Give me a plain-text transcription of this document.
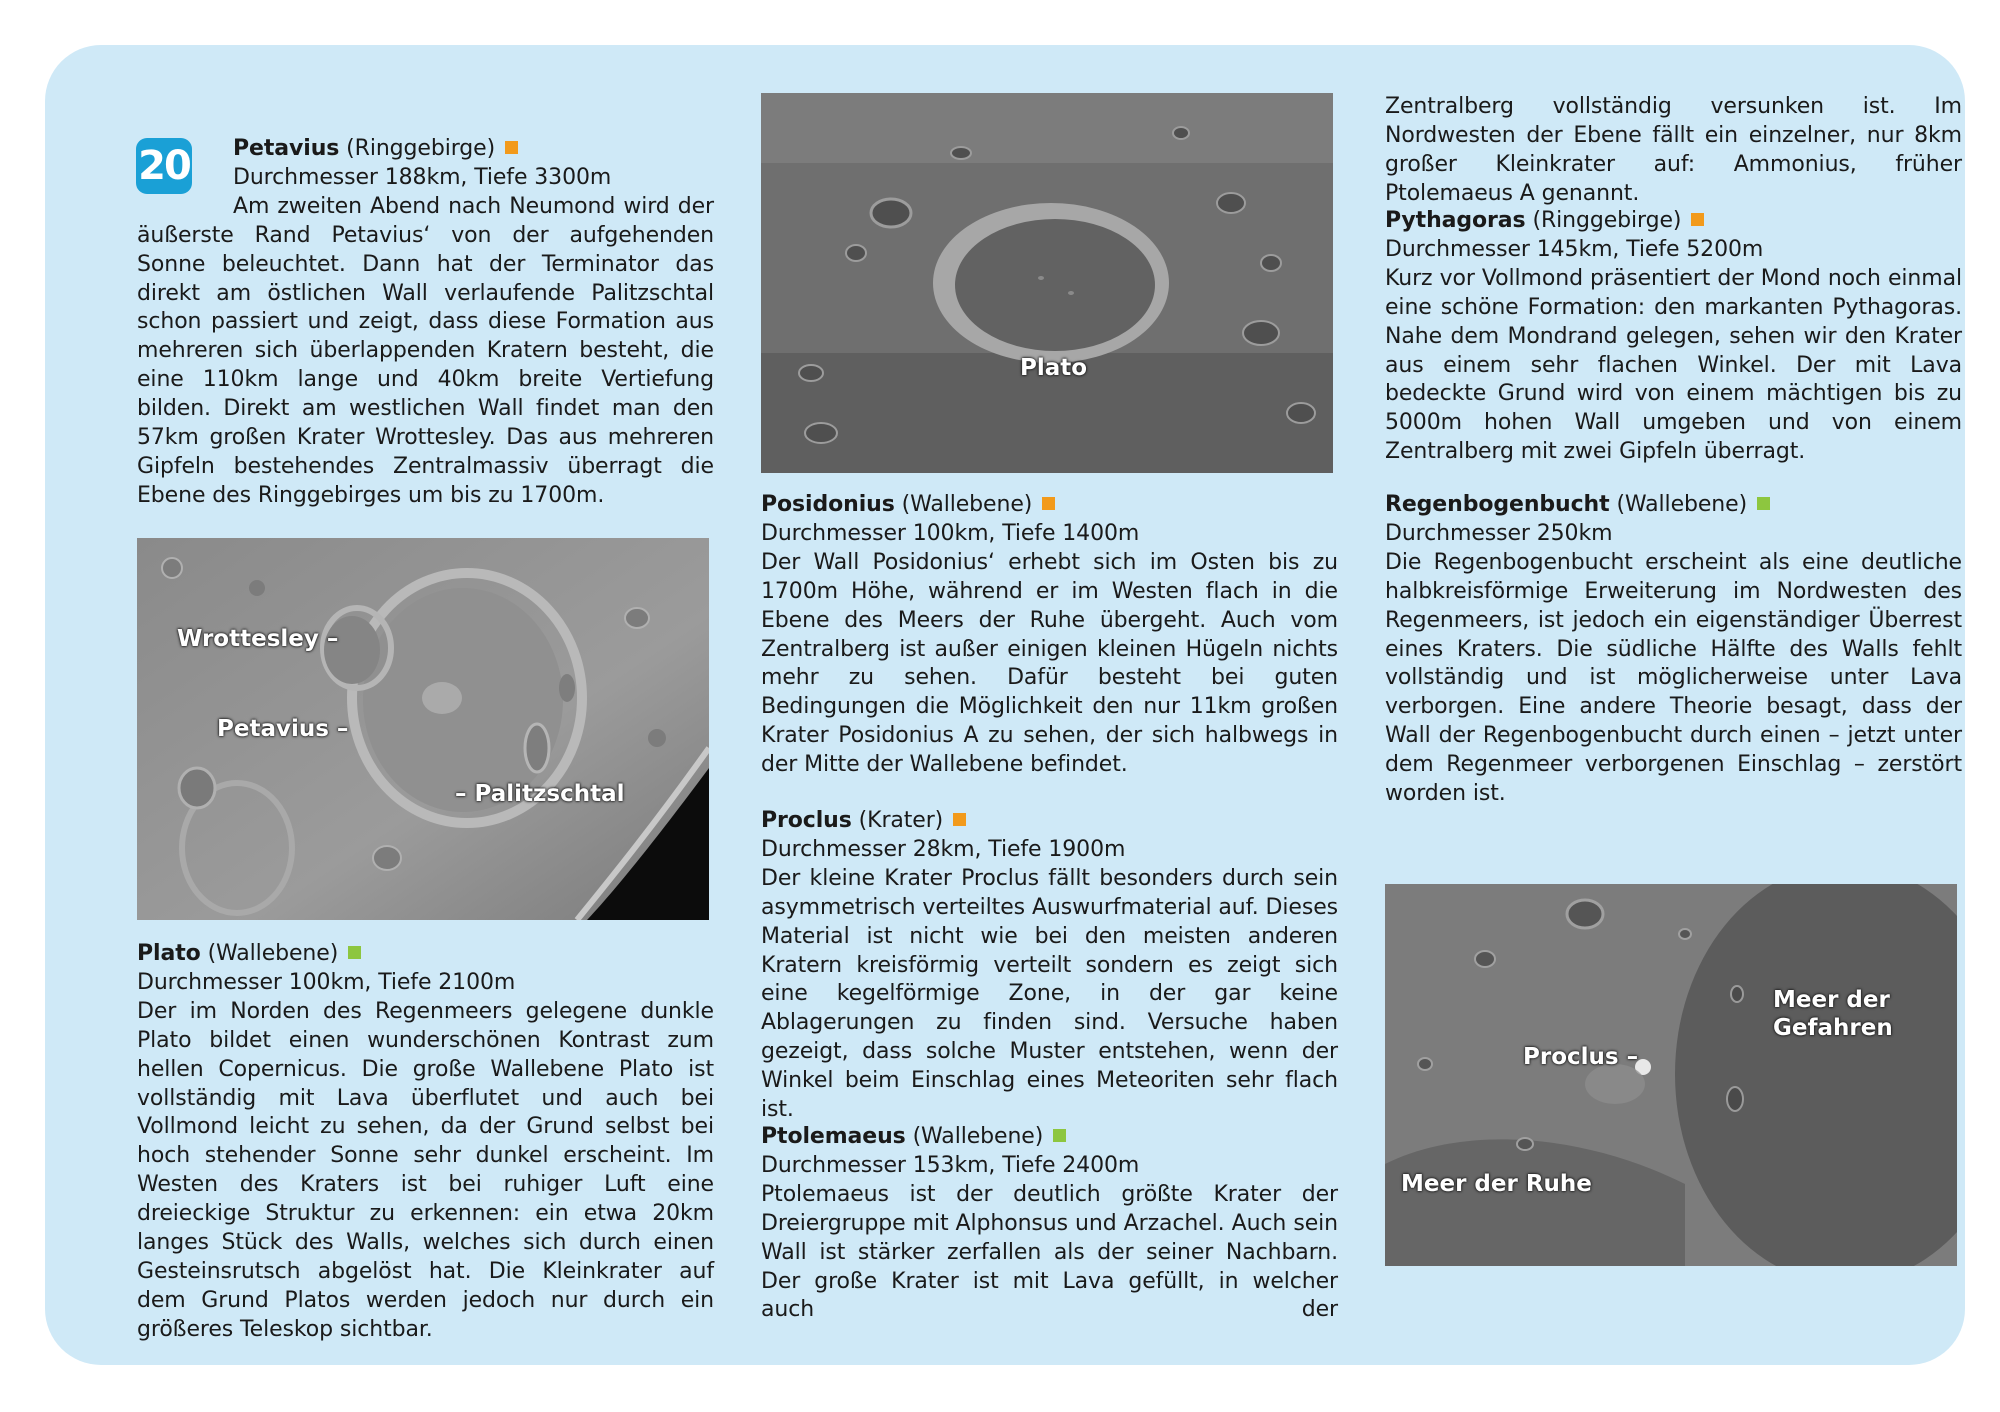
20	Petavius (Ringgebirge)

Durchmesser 188km, Tiefe 3300m

Am zweiten Abend nach Neumond wird der äußerste Rand Petavius‘ von der aufgehenden Sonne beleuchtet. Dann hat der Terminator das direkt am östlichen Wall verlaufende Palitzschtal schon passiert und zeigt, dass diese Formation aus mehreren sich überlappenden Kratern besteht, die eine 110km lange und 40km breite Vertiefung bilden. Direkt am westlichen Wall findet man den 57km großen Krater Wrottesley. Das aus mehreren Gipfeln bestehendes Zentralmassiv überragt die Ebene des Ringgebirges um bis zu 1700m.

Wrottesley –
Petavius –
– Palitzschtal

Plato (Wallebene)

Durchmesser 100km, Tiefe 2100m

Der im Norden des Regenmeers gelegene dunkle Plato bildet einen wunderschönen Kontrast zum hellen Copernicus. Die große Wallebene Plato ist vollständig mit Lava überflutet und auch bei Vollmond leicht zu sehen, da der Grund selbst bei hoch stehender Sonne sehr dunkel erscheint. Im Westen des Kraters ist bei ruhiger Luft eine dreieckige Struktur zu erkennen: ein etwa 20km langes Stück des Walls, welches sich durch einen Gesteinsrutsch abgelöst hat. Die Kleinkrater auf dem Grund Platos werden jedoch nur durch ein größeres Teleskop sichtbar.

Plato

Posidonius (Wallebene)

Durchmesser 100km, Tiefe 1400m

Der Wall Posidonius‘ erhebt sich im Osten bis zu 1700m Höhe, während er im Westen flach in die Ebene des Meers der Ruhe übergeht. Auch vom Zentralberg ist außer einigen kleinen Hügeln nichts mehr zu sehen. Dafür besteht bei guten Bedingungen die Möglichkeit den nur 11km großen Krater Posidonius A zu sehen, der sich halbwegs in der Mitte der Wallebene befindet.

Proclus (Krater)

Durchmesser 28km, Tiefe 1900m

Der kleine Krater Proclus fällt besonders durch sein asymmetrisch verteiltes Auswurfmaterial auf. Dieses Material ist nicht wie bei den meisten anderen Kratern kreisförmig verteilt sondern es zeigt sich eine kegelförmige Zone, in der gar keine Ablagerungen zu finden sind. Versuche haben gezeigt, dass solche Muster entstehen, wenn der Winkel beim Einschlag eines Meteoriten sehr flach ist.

Ptolemaeus (Wallebene)

Durchmesser 153km, Tiefe 2400m

Ptolemaeus ist der deutlich größte Krater der Dreiergruppe mit Alphonsus und Arzachel. Auch sein Wall ist stärker zerfallen als der seiner Nachbarn. Der große Krater ist mit Lava gefüllt, in welcher auch der

Zentralberg vollständig versunken ist. Im Nordwesten der Ebene fällt ein einzelner, nur 8km großer Kleinkrater auf: Ammonius, früher Ptolemaeus A genannt.

Pythagoras (Ringgebirge)

Durchmesser 145km, Tiefe 5200m

Kurz vor Vollmond präsentiert der Mond noch einmal eine schöne Formation: den markanten Pythagoras. Nahe dem Mondrand gelegen, sehen wir den Krater aus einem sehr flachen Winkel. Der mit Lava bedeckte Grund wird von einem mächtigen bis zu 5000m hohen Wall umgeben und von einem Zentralberg mit zwei Gipfeln überragt.

Regenbogenbucht (Wallebene)

Durchmesser 250km

Die Regenbogenbucht erscheint als eine deutliche halbkreisförmige Erweiterung im Nordwesten des Regenmeers, ist jedoch ein eigenständiger Überrest eines Kraters. Die südliche Hälfte des Walls fehlt vollständig und ist möglicherweise unter Lava verborgen. Eine andere Theorie besagt, dass der Wall der Regenbogenbucht durch einen – jetzt unter dem Regenmeer verborgenen Einschlag – zerstört worden ist.

Proclus –
Meer der
Gefahren
Meer der Ruhe
